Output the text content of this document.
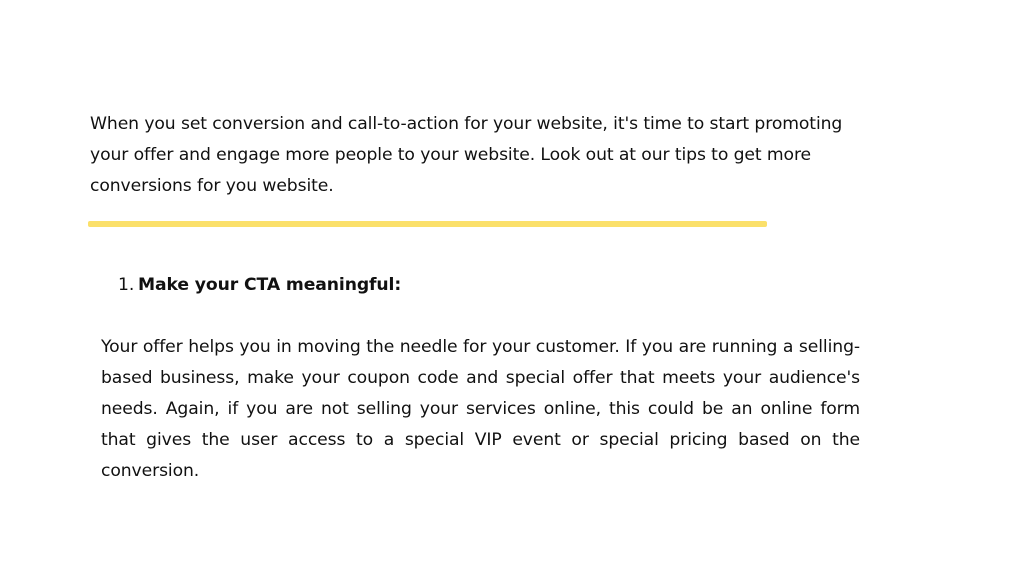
When you set conversion and call-to-action for your website, it's time to start promoting your offer and engage more people to your website. Look out at our tips to get more conversions for you website.

1. Make your CTA meaningful:

Your offer helps you in moving the needle for your customer. If you are running a selling-based business, make your coupon code and special offer that meets your audience's needs. Again, if you are not selling your services online, this could be an online form that gives the user access to a special VIP event or special pricing based on the conversion.
